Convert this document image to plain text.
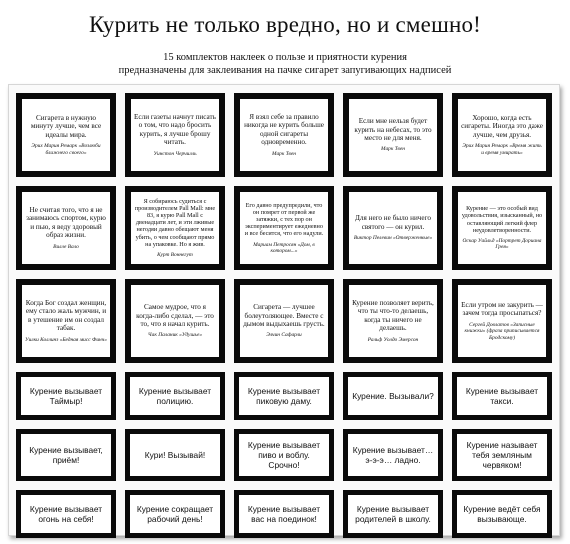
Курить не только вредно, но и смешно!
15 комплектов наклеек о пользе и приятности курения
предназначены для заклеивания на пачке сигарет запугивающих надписей
Сигарета в нужную минуту лучше, чем все идеалы мира.
Эрих Мария Ремарк «Возлюби ближнего своего»
Если газеты начнут писать о том, что надо бросить курить, я лучше брошу читать.
Уинстон Черчилль
Я взял себе за правило никогда не курить больше одной сигареты одновременно.
Марк Твен
Если мне нельзя будет курить на небесах, то это место не для меня.
Марк Твен
Хорошо, когда есть сигареты. Иногда это даже лучше, чем друзья.
Эрих Мария Ремарк «Время жить и время умирать»
Не считая того, что я не занимаюсь спортом, курю и пью, я веду здоровый образ жизни.
Вилле Вало
Я собираюсь судиться с производителем Pall Mall: мне 83, я курю Pall Mall с двенадцати лет, и эти лживые негодяи давно обещают меня убить, о чем сообщают прямо на упаковке. Но я жив.
Курт Воннегут
Его давно предупредили, что он помрет от первой же затяжки, с тех пор он экспериментирует ежедневно и все бесится, что его надули.
Мариам Петросян «Дом, в котором...»
Для него не было ничего святого — он курил.
Виктор Пелевин «Отверженные»
Курение — это особый вид удовольствия, изысканный, но оставляющий легкий флер неудовлетворенности.
Оскар Уайльд «Портрет Дориана Грея»
Когда Бог создал женщин, ему стало жаль мужчин, и в утешение им он создал табак.
Уилки Коллинз «Бедная мисс Финч»
Самое мудрое, что я когда-либо сделал, — это то, что я начал курить.
Чак Паланик «Удушье»
Сигарета — лучшее болеутоляющее. Вместе с дымом выдыхаешь грусть.
Элчин Сафарли
Курение позволяет верить, что ты что-то делаешь, когда ты ничего не делаешь.
Ральф Уолдо Эмерсон
Если утром не закурить — зачем тогда просыпаться?
Сергей Довлатов «Записные книжки» (фраза приписывается Бродскому)
Курение вызывает Таймыр!
Курение вызывает полицию.
Курение вызывает пиковую даму.	Курение. Вызывали?	Курение вызывает такси.
Курение вызывает, приём!	Кури! Вызывай!
Курение вызывает пиво и воблу. Срочно!
Курение вызывает… э-э-э… ладно.
Курение называет тебя земляным червяком!
Курение вызывает огонь на себя!
Курение сокращает рабочий день!
Курение вызывает вас на поединок!
Курение вызывает родителей в школу.
Курение ведёт себя вызывающе.
